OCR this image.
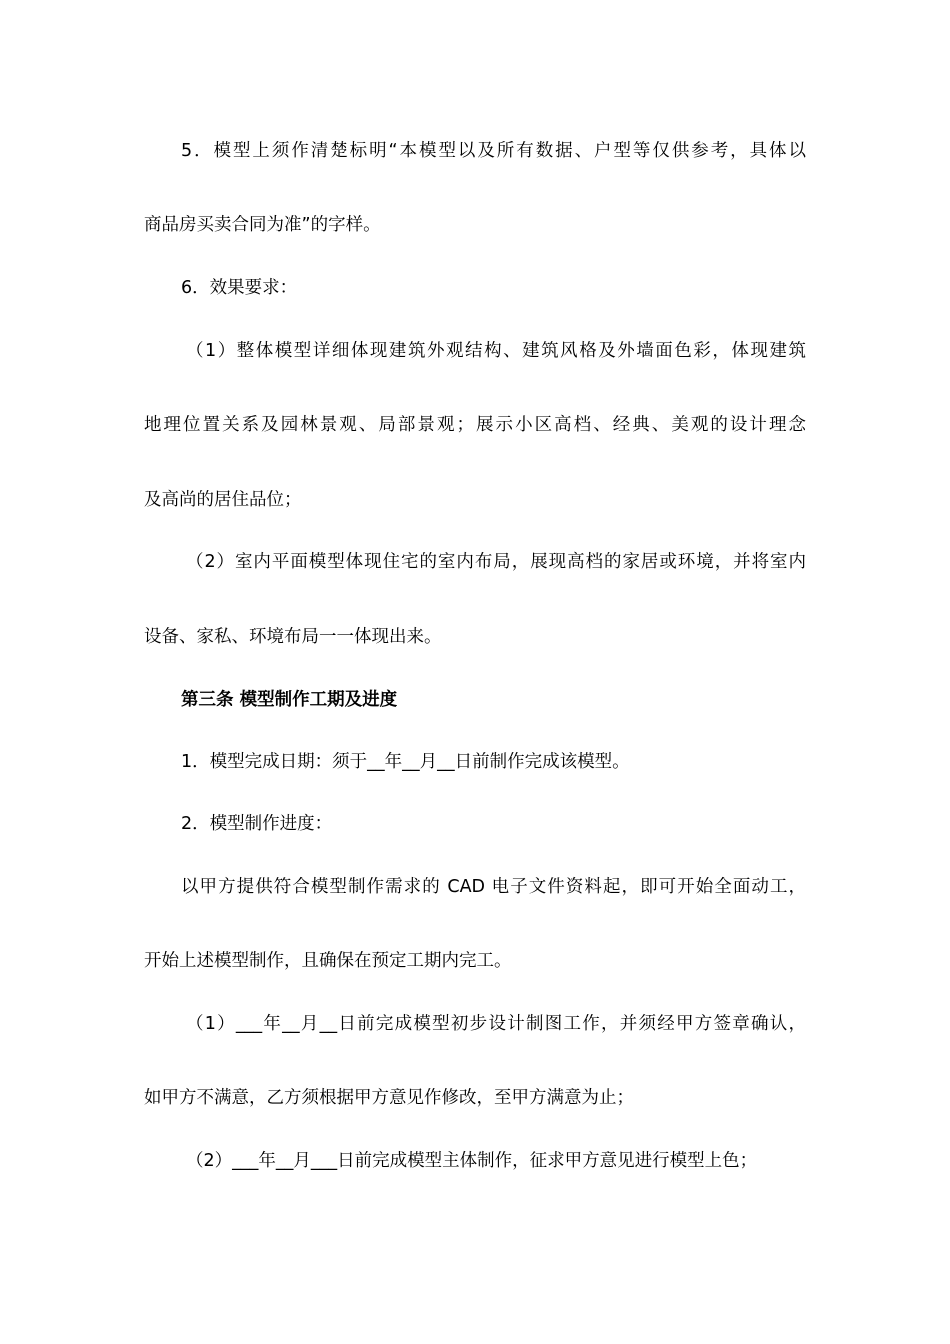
5．模型上须作清楚标明“本模型以及所有数据、户型等仅供参考，具体以
商品房买卖合同为准”的字样。
6．效果要求：
（1）整体模型详细体现建筑外观结构、建筑风格及外墙面色彩，体现建筑
地理位置关系及园林景观、局部景观；展示小区高档、经典、美观的设计理念
及高尚的居住品位；
（2）室内平面模型体现住宅的室内布局，展现高档的家居或环境，并将室内
设备、家私、环境布局一一体现出来。
第三条 模型制作工期及进度
1．模型完成日期：须于__年__月__日前制作完成该模型。
2．模型制作进度：
以甲方提供符合模型制作需求的 CAD 电子文件资料起，即可开始全面动工，
开始上述模型制作，且确保在预定工期内完工。
（1）___年__月__日前完成模型初步设计制图工作，并须经甲方签章确认，
如甲方不满意，乙方须根据甲方意见作修改，至甲方满意为止；
（2）___年__月___日前完成模型主体制作，征求甲方意见进行模型上色；
